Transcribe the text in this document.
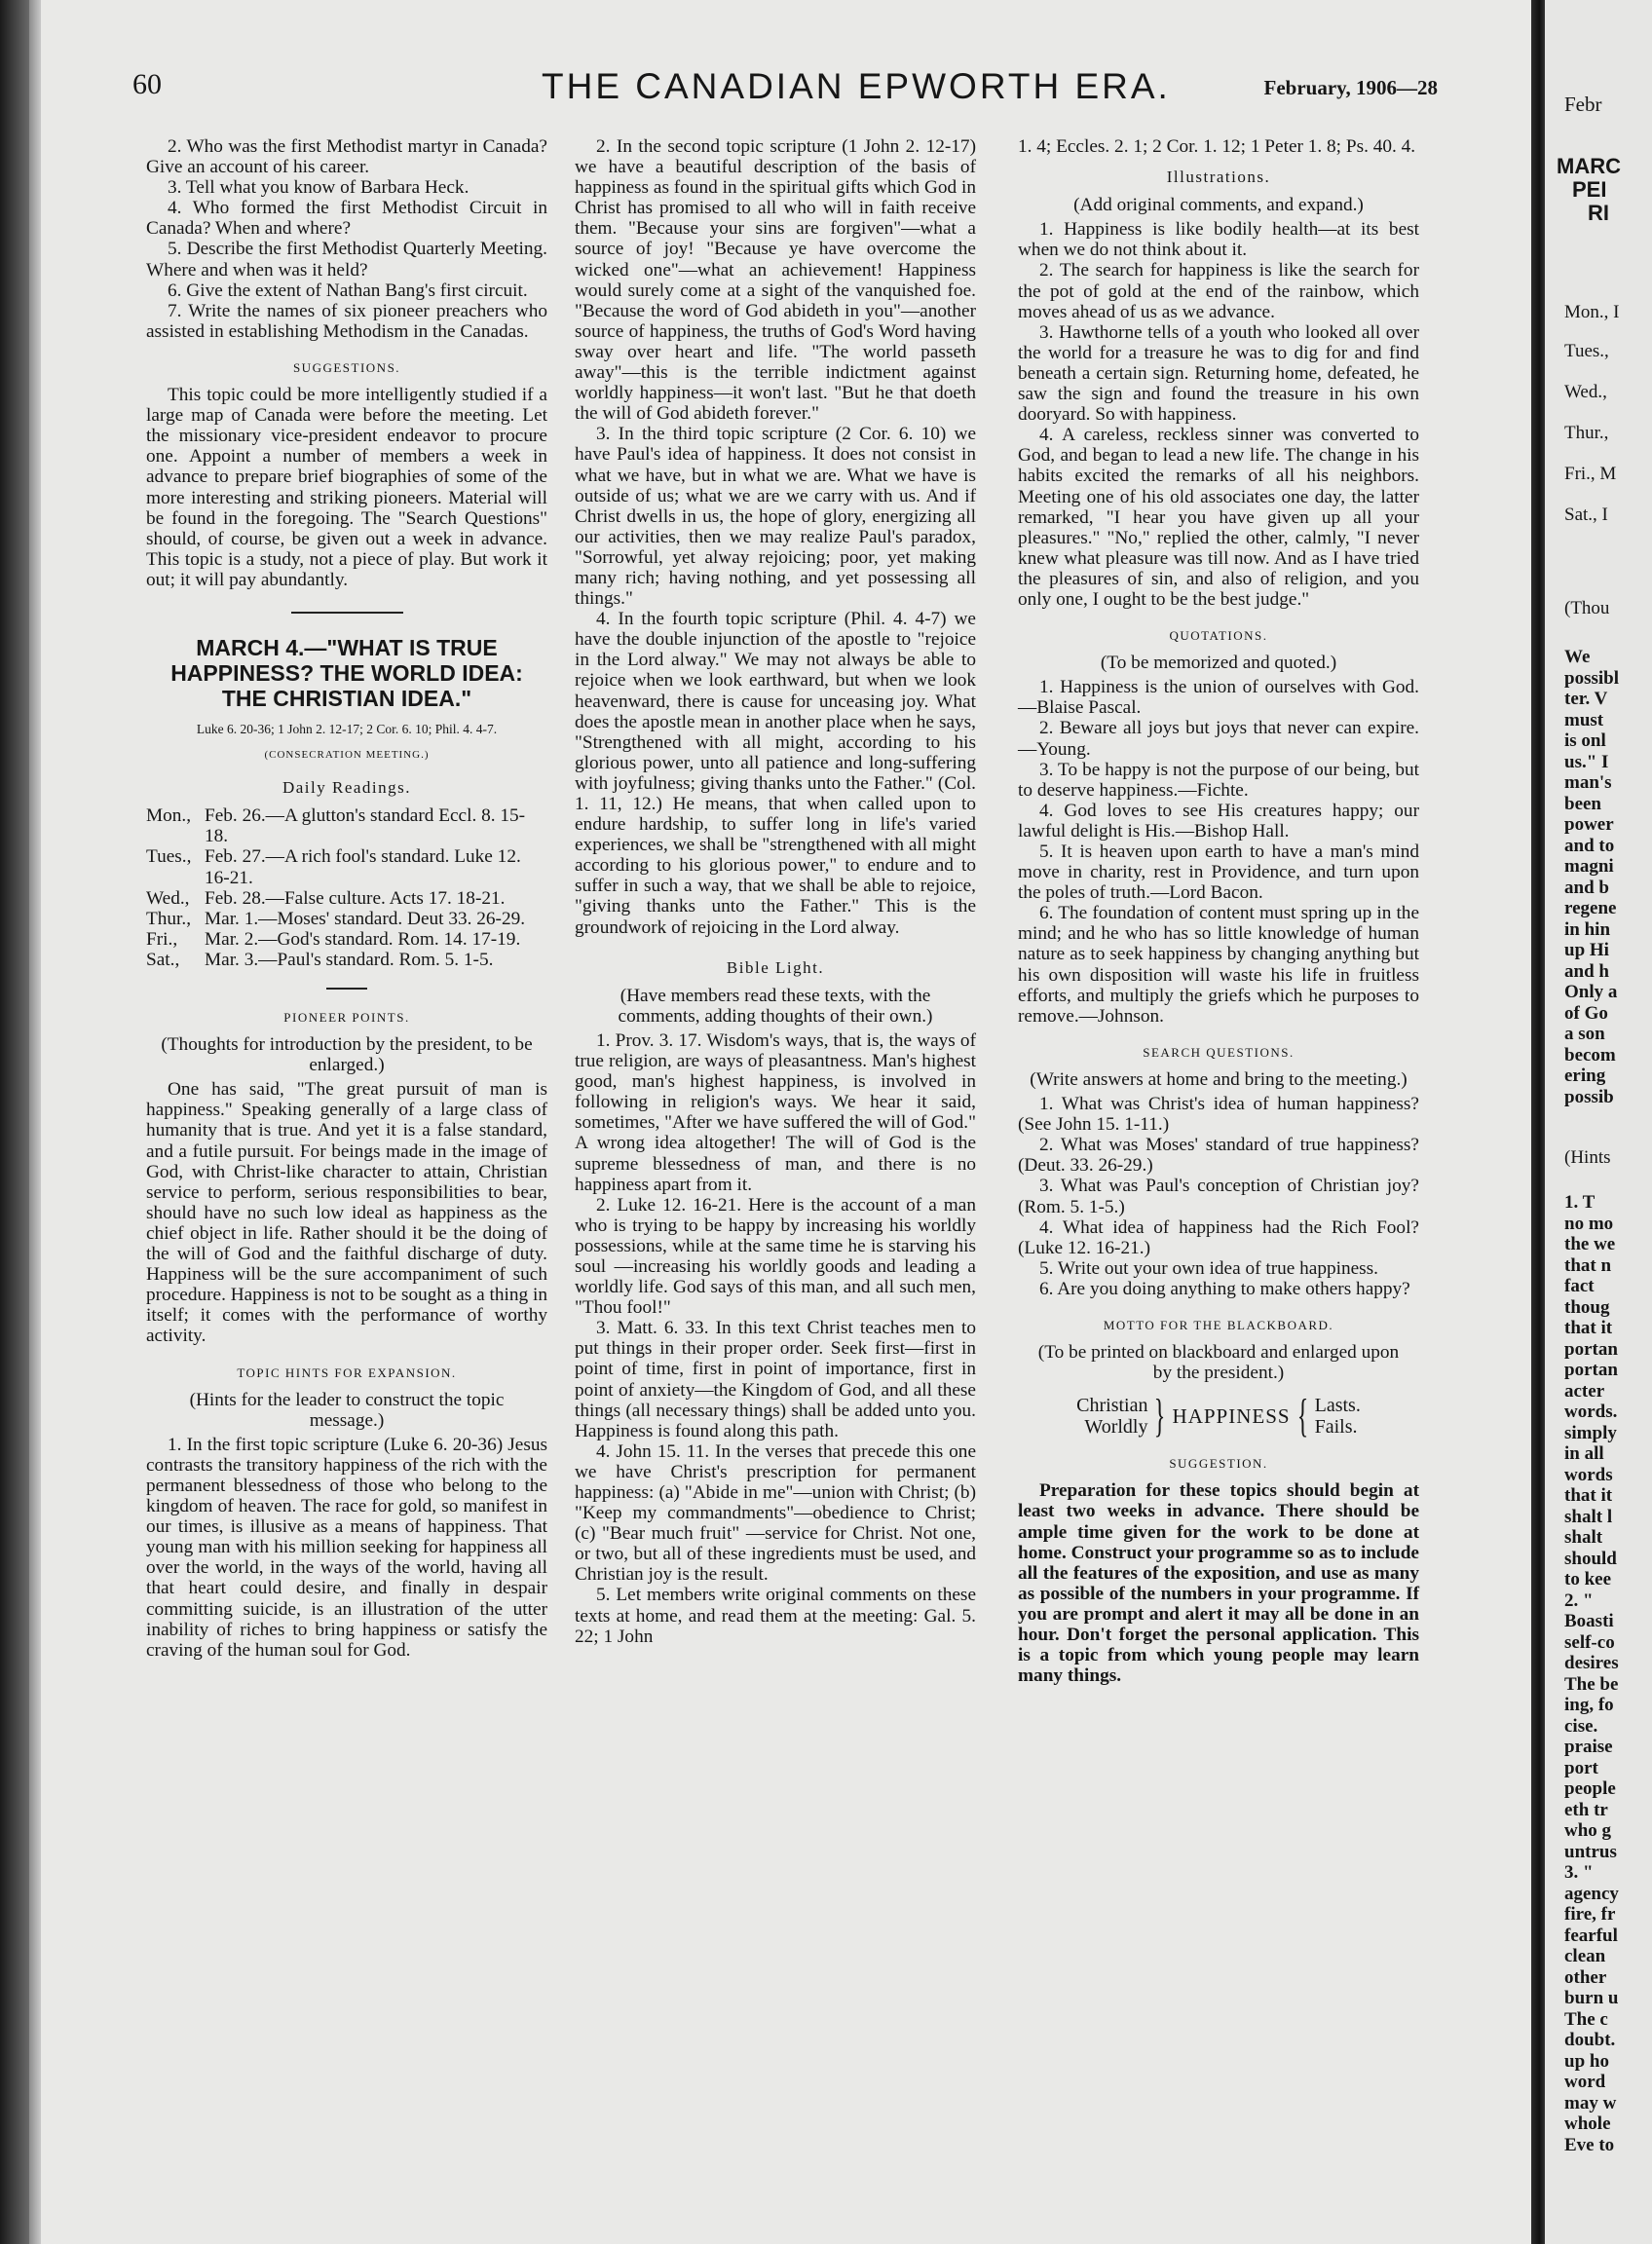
60	THE CANADIAN EPWORTH ERA.	February, 1906—28

2. Who was the first Methodist martyr in Canada? Give an account of his career.

3. Tell what you know of Barbara Heck.

4. Who formed the first Methodist Circuit in Canada? When and where?

5. Describe the first Methodist Quarterly Meeting. Where and when was it held?

6. Give the extent of Nathan Bang's first circuit.

7. Write the names of six pioneer preachers who assisted in establishing Methodism in the Canadas.

SUGGESTIONS.

This topic could be more intelligently studied if a large map of Canada were before the meeting. Let the missionary vice-president endeavor to procure one. Appoint a number of members a week in advance to prepare brief biographies of some of the more interesting and striking pioneers. Material will be found in the foregoing. The "Search Questions" should, of course, be given out a week in advance. This topic is a study, not a piece of play. But work it out; it will pay abundantly.

MARCH 4.—"WHAT IS TRUE HAPPINESS? THE WORLD IDEA: THE CHRISTIAN IDEA."
Luke 6. 20-36; 1 John 2. 12-17; 2 Cor. 6. 10; Phil. 4. 4-7.
(CONSECRATION MEETING.)
Daily Readings.
Mon., Feb. 26.—A glutton's standard Eccl. 8. 15-18.
Tues., Feb. 27.—A rich fool's standard. Luke 12. 16-21.
Wed., Feb. 28.—False culture. Acts 17. 18-21.
Thur., Mar. 1.—Moses' standard. Deut 33. 26-29.
Fri.,	Mar. 2.—God's standard. Rom. 14. 17-19.
Sat.,	Mar. 3.—Paul's standard. Rom. 5. 1-5.
PIONEER POINTS.
(Thoughts for introduction by the president, to be enlarged.)

One has said, "The great pursuit of man is happiness." Speaking generally of a large class of humanity that is true. And yet it is a false standard, and a futile pursuit. For beings made in the image of God, with Christ-like character to attain, Christian service to perform, serious responsibilities to bear, should have no such low ideal as happiness as the chief object in life. Rather should it be the doing of the will of God and the faithful discharge of duty. Happiness will be the sure accompaniment of such procedure. Happiness is not to be sought as a thing in itself; it comes with the performance of worthy activity.

TOPIC HINTS FOR EXPANSION.
(Hints for the leader to construct the topic message.)

1. In the first topic scripture (Luke 6. 20-36) Jesus contrasts the transitory happiness of the rich with the permanent blessedness of those who belong to the kingdom of heaven. The race for gold, so manifest in our times, is illusive as a means of happiness. That young man with his million seeking for happiness all over the world, in the ways of the world, having all that heart could desire, and finally in despair committing suicide, is an illustration of the utter inability of riches to bring happiness or satisfy the craving of the human soul for God.

2. In the second topic scripture (1 John 2. 12-17) we have a beautiful description of the basis of happiness as found in the spiritual gifts which God in Christ has promised to all who will in faith receive them. "Because your sins are forgiven"—what a source of joy! "Because ye have overcome the wicked one"—what an achievement! Happiness would surely come at a sight of the vanquished foe. "Because the word of God abideth in you"—another source of happiness, the truths of God's Word having sway over heart and life. "The world passeth away"—this is the terrible indictment against worldly happiness—it won't last. "But he that doeth the will of God abideth forever."

3. In the third topic scripture (2 Cor. 6. 10) we have Paul's idea of happiness. It does not consist in what we have, but in what we are. What we have is outside of us; what we are we carry with us. And if Christ dwells in us, the hope of glory, energizing all our activities, then we may realize Paul's paradox, "Sorrowful, yet alway rejoicing; poor, yet making many rich; having nothing, and yet possessing all things."

4. In the fourth topic scripture (Phil. 4. 4-7) we have the double injunction of the apostle to "rejoice in the Lord alway." We may not always be able to rejoice when we look earthward, but when we look heavenward, there is cause for unceasing joy. What does the apostle mean in another place when he says, "Strengthened with all might, according to his glorious power, unto all patience and long-suffering with joyfulness; giving thanks unto the Father." (Col. 1. 11, 12.) He means, that when called upon to endure hardship, to suffer long in life's varied experiences, we shall be "strengthened with all might according to his glorious power," to endure and to suffer in such a way, that we shall be able to rejoice, "giving thanks unto the Father." This is the groundwork of rejoicing in the Lord alway.

Bible Light.
(Have members read these texts, with the comments, adding thoughts of their own.)

1. Prov. 3. 17. Wisdom's ways, that is, the ways of true religion, are ways of pleasantness. Man's highest good, man's highest happiness, is involved in following in religion's ways. We hear it said, sometimes, "After we have suffered the will of God." A wrong idea altogether! The will of God is the supreme blessedness of man, and there is no happiness apart from it.

2. Luke 12. 16-21. Here is the account of a man who is trying to be happy by increasing his worldly possessions, while at the same time he is starving his soul —increasing his worldly goods and leading a worldly life. God says of this man, and all such men, "Thou fool!"

3. Matt. 6. 33. In this text Christ teaches men to put things in their proper order. Seek first—first in point of time, first in point of importance, first in point of anxiety—the Kingdom of God, and all these things (all necessary things) shall be added unto you. Happiness is found along this path.

4. John 15. 11. In the verses that precede this one we have Christ's prescription for permanent happiness: (a) "Abide in me"—union with Christ; (b) "Keep my commandments"—obedience to Christ; (c) "Bear much fruit" —service for Christ. Not one, or two, but all of these ingredients must be used, and Christian joy is the result.

5. Let members write original comments on these texts at home, and read them at the meeting: Gal. 5. 22; 1 John

1. 4; Eccles. 2. 1; 2 Cor. 1. 12; 1 Peter 1. 8; Ps. 40. 4.

Illustrations.
(Add original comments, and expand.)

1. Happiness is like bodily health—at its best when we do not think about it.

2. The search for happiness is like the search for the pot of gold at the end of the rainbow, which moves ahead of us as we advance.

3. Hawthorne tells of a youth who looked all over the world for a treasure he was to dig for and find beneath a certain sign. Returning home, defeated, he saw the sign and found the treasure in his own dooryard. So with happiness.

4. A careless, reckless sinner was converted to God, and began to lead a new life. The change in his habits excited the remarks of all his neighbors. Meeting one of his old associates one day, the latter remarked, "I hear you have given up all your pleasures." "No," replied the other, calmly, "I never knew what pleasure was till now. And as I have tried the pleasures of sin, and also of religion, and you only one, I ought to be the best judge."

QUOTATIONS.
(To be memorized and quoted.)

1. Happiness is the union of ourselves with God.—Blaise Pascal.

2. Beware all joys but joys that never can expire.—Young.

3. To be happy is not the purpose of our being, but to deserve happiness.—Fichte.

4. God loves to see His creatures happy; our lawful delight is His.—Bishop Hall.

5. It is heaven upon earth to have a man's mind move in charity, rest in Providence, and turn upon the poles of truth.—Lord Bacon.

6. The foundation of content must spring up in the mind; and he who has so little knowledge of human nature as to seek happiness by changing anything but his own disposition will waste his life in fruitless efforts, and multiply the griefs which he purposes to remove.—Johnson.

SEARCH QUESTIONS.
(Write answers at home and bring to the meeting.)

1. What was Christ's idea of human happiness? (See John 15. 1-11.)

2. What was Moses' standard of true happiness? (Deut. 33. 26-29.)

3. What was Paul's conception of Christian joy? (Rom. 5. 1-5.)

4. What idea of happiness had the Rich Fool? (Luke 12. 16-21.)

5. Write out your own idea of true happiness.

6. Are you doing anything to make others happy?

MOTTO FOR THE BLACKBOARD.
(To be printed on blackboard and enlarged upon by the president.)
Christian
Worldly } HAPPINESS { Lasts.
Fails.
SUGGESTION.

Preparation for these topics should begin at least two weeks in advance. There should be ample time given for the work to be done at home. Construct your programme so as to include all the features of the exposition, and use as many as possible of the numbers in your programme. If you are prompt and alert it may all be done in an hour. Don't forget the personal application. This is a topic from which young people may learn many things.

Febr
MARC
PEI
RI
Mon., I
Tues.,
Wed.,
Thur.,
Fri., M
Sat., I
(Thou
We
possibl
ter. V
must
is onl
us." I
man's
been
power
and to
magni
and b
regene
in hin
up Hi
and h
Only a
of Go
a son
becom
ering
possib
(Hints
1. T
no mo
the we
that n
fact
thoug
that it
portan
portan
acter
words.
simply
in all
words
that it
shalt l
shalt
should
to kee
2. "
Boasti
self-co
desires
The be
ing, fo
cise.
praise
port
people
eth tr
who g
untrus
3. "
agency
fire, fr
fearful
clean
other
burn u
The c
doubt.
up ho
word
may w
whole
Eve to
